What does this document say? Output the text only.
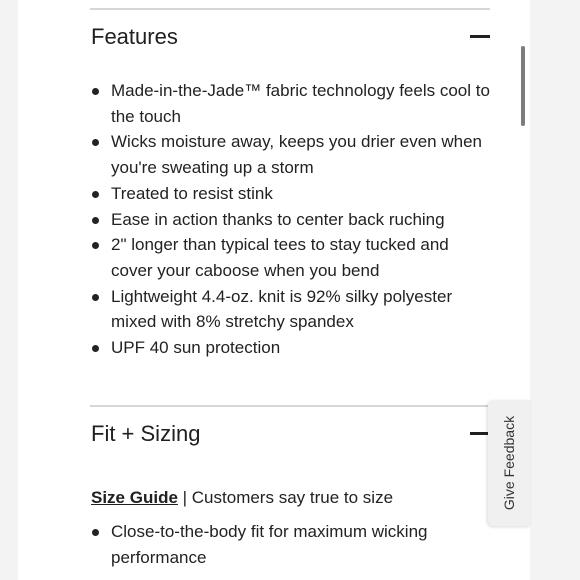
Features
Made-in-the-Jade™ fabric technology feels cool to the touch
Wicks moisture away, keeps you drier even when you're sweating up a storm
Treated to resist stink
Ease in action thanks to center back ruching
2" longer than typical tees to stay tucked and cover your caboose when you bend
Lightweight 4.4-oz. knit is 92% silky polyester mixed with 8% stretchy spandex
UPF 40 sun protection
Fit + Sizing
Size Guide | Customers say true to size
Close-to-the-body fit for maximum wicking performance
Give Feedback
